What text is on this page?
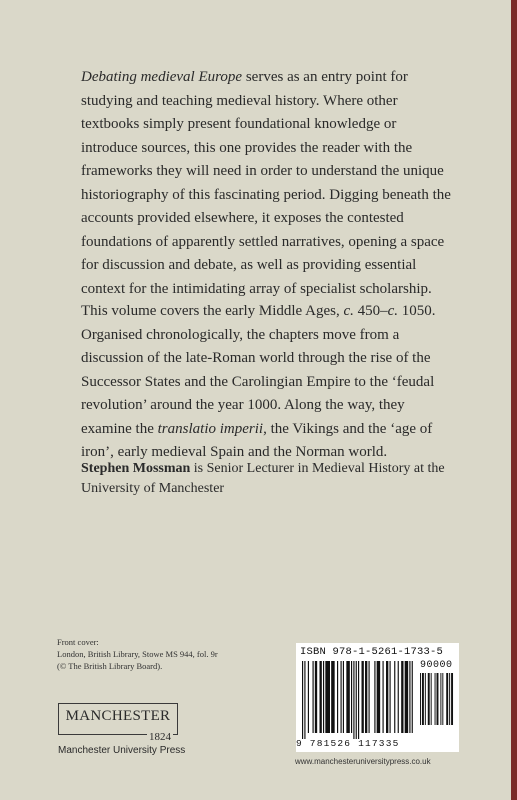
Debating medieval Europe serves as an entry point for studying and teaching medieval history. Where other textbooks simply present foundational knowledge or introduce sources, this one provides the reader with the frameworks they will need in order to understand the unique historiography of this fascinating period. Digging beneath the accounts provided elsewhere, it exposes the contested foundations of apparently settled narratives, opening a space for discussion and debate, as well as providing essential context for the intimidating array of specialist scholarship.

This volume covers the early Middle Ages, c. 450–c. 1050. Organised chronologically, the chapters move from a discussion of the late-Roman world through the rise of the Successor States and the Carolingian Empire to the ‘feudal revolution’ around the year 1000. Along the way, they examine the translatio imperii, the Vikings and the ‘age of iron’, early medieval Spain and the Norman world.

Stephen Mossman is Senior Lecturer in Medieval History at the University of Manchester

Front cover:
London, British Library, Stowe MS 944, fol. 9r
(© The British Library Board).
MANCHESTER
1824
Manchester University Press
ISBN 978-1-5261-1733-5
90000
9 781526 117335
www.manchesteruniversitypress.co.uk
